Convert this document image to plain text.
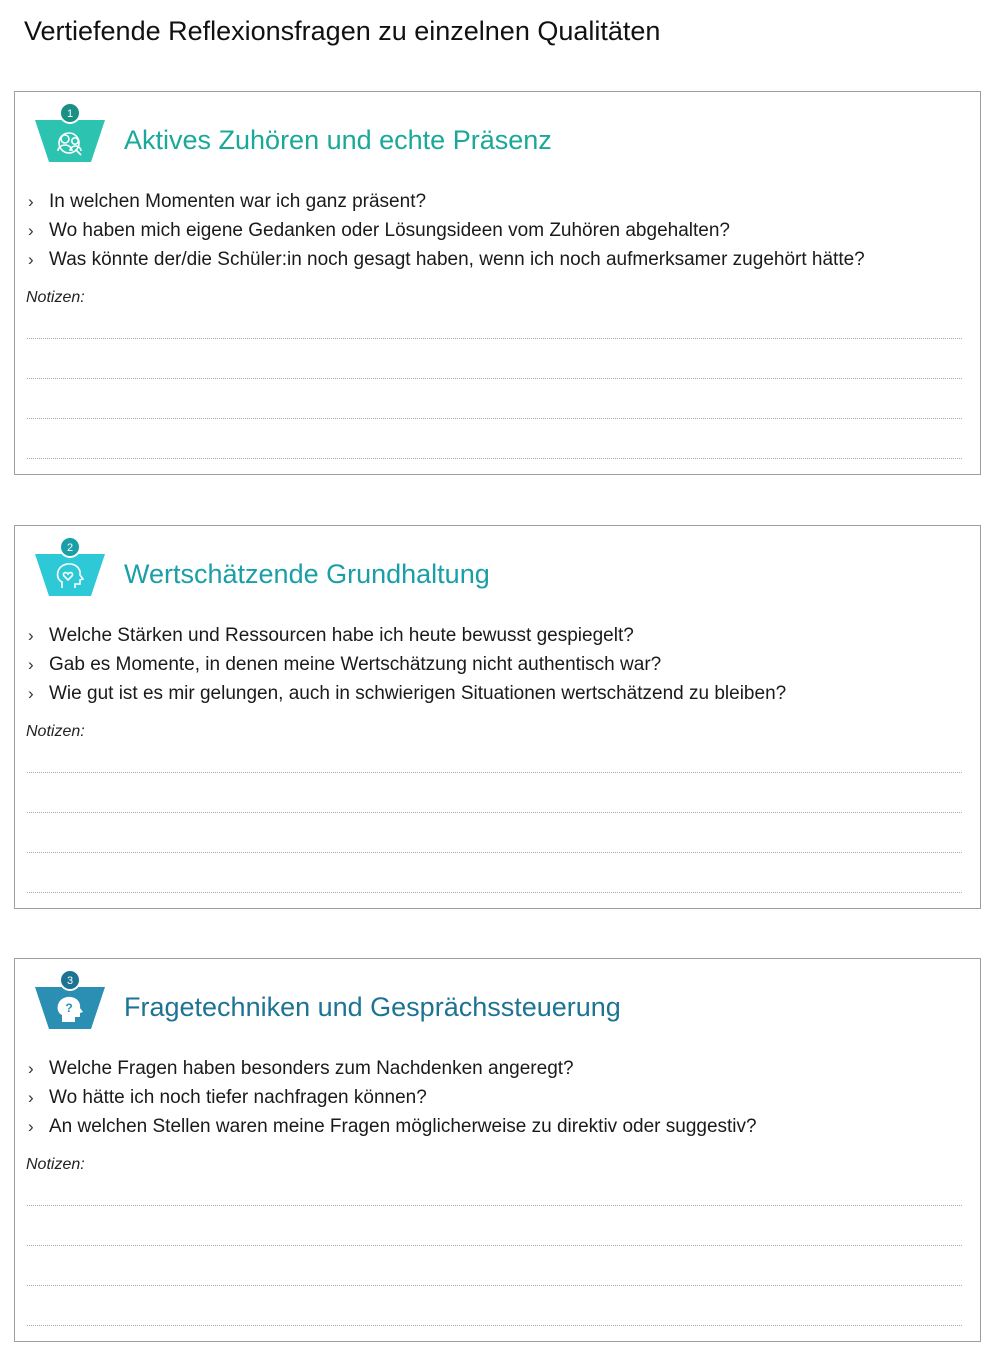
Vertiefende Reflexionsfragen zu einzelnen Qualitäten
1
Aktives Zuhören und echte Präsenz
› In welchen Momenten war ich ganz präsent?
› Wo haben mich eigene Gedanken oder Lösungsideen vom Zuhören abgehalten?
› Was könnte der/die Schüler:in noch gesagt haben, wenn ich noch aufmerksamer zugehört hätte?
Notizen:
2
Wertschätzende Grundhaltung
› Welche Stärken und Ressourcen habe ich heute bewusst gespiegelt?
› Gab es Momente, in denen meine Wertschätzung nicht authentisch war?
› Wie gut ist es mir gelungen, auch in schwierigen Situationen wertschätzend zu bleiben?
Notizen:
3
? Fragetechniken und Gesprächssteuerung
› Welche Fragen haben besonders zum Nachdenken angeregt?
› Wo hätte ich noch tiefer nachfragen können?
› An welchen Stellen waren meine Fragen möglicherweise zu direktiv oder suggestiv?
Notizen:
